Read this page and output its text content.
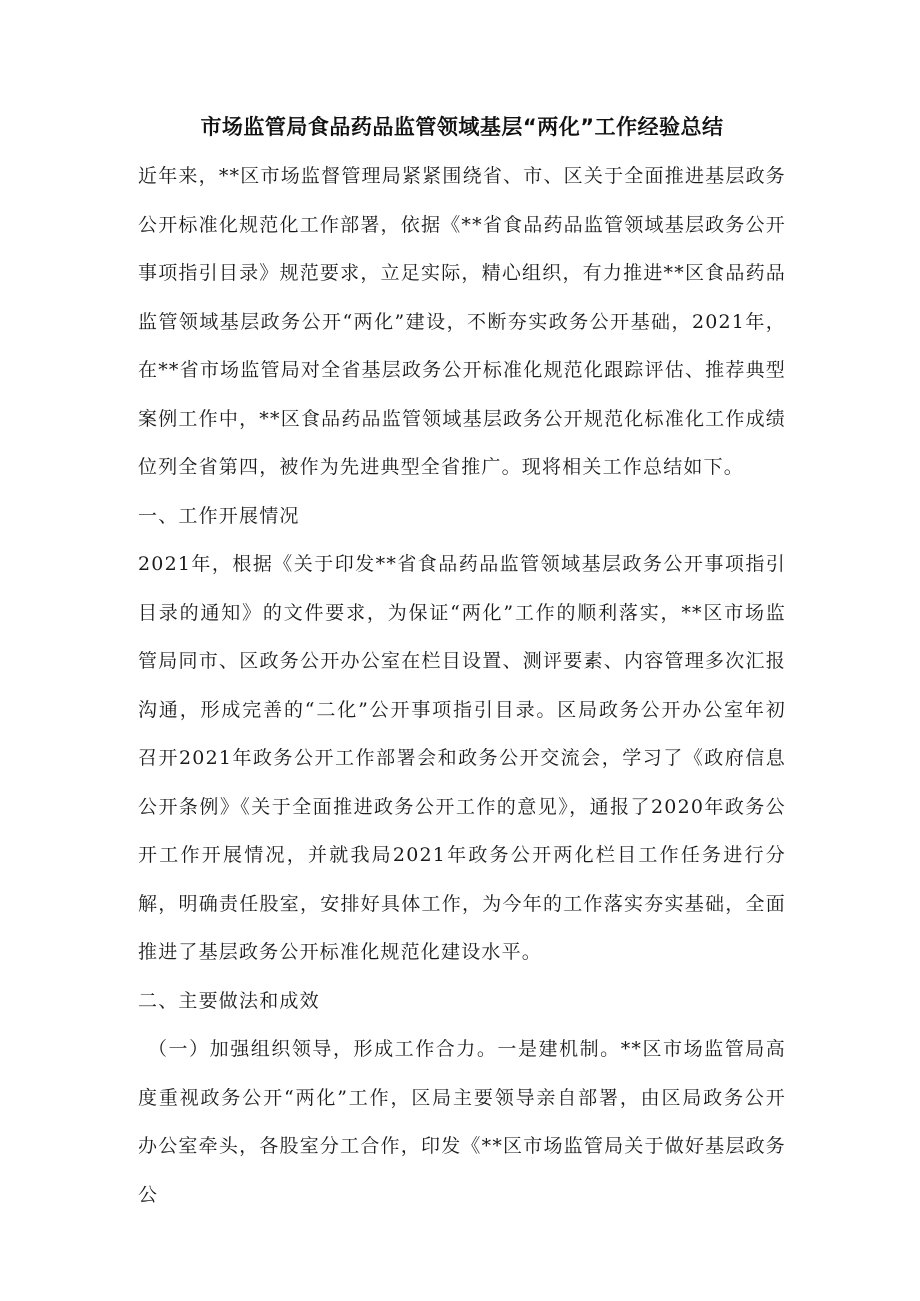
市场监管局食品药品监管领域基层“两化”工作经验总结

近年来，**区市场监督管理局紧紧围绕省、市、区关于全面推进基层政务公开标准化规范化工作部署，依据《**省食品药品监管领域基层政务公开事项指引目录》规范要求，立足实际，精心组织，有力推进**区食品药品监管领域基层政务公开“两化”建设，不断夯实政务公开基础，2021年，在**省市场监管局对全省基层政务公开标准化规范化跟踪评估、推荐典型案例工作中，**区食品药品监管领域基层政务公开规范化标准化工作成绩位列全省第四，被作为先进典型全省推广。现将相关工作总结如下。

一、工作开展情况

2021年，根据《关于印发**省食品药品监管领域基层政务公开事项指引目录的通知》的文件要求，为保证“两化”工作的顺利落实，**区市场监管局同市、区政务公开办公室在栏目设置、测评要素、内容管理多次汇报沟通，形成完善的“二化”公开事项指引目录。区局政务公开办公室年初召开2021年政务公开工作部署会和政务公开交流会，学习了《政府信息公开条例》《关于全面推进政务公开工作的意见》，通报了2020年政务公开工作开展情况，并就我局2021年政务公开两化栏目工作任务进行分解，明确责任股室，安排好具体工作，为今年的工作落实夯实基础，全面推进了基层政务公开标准化规范化建设水平。

二、主要做法和成效

（一）加强组织领导，形成工作合力。一是建机制。**区市场监管局高度重视政务公开“两化”工作，区局主要领导亲自部署，由区局政务公开办公室牵头，各股室分工合作，印发《**区市场监管局关于做好基层政务公
